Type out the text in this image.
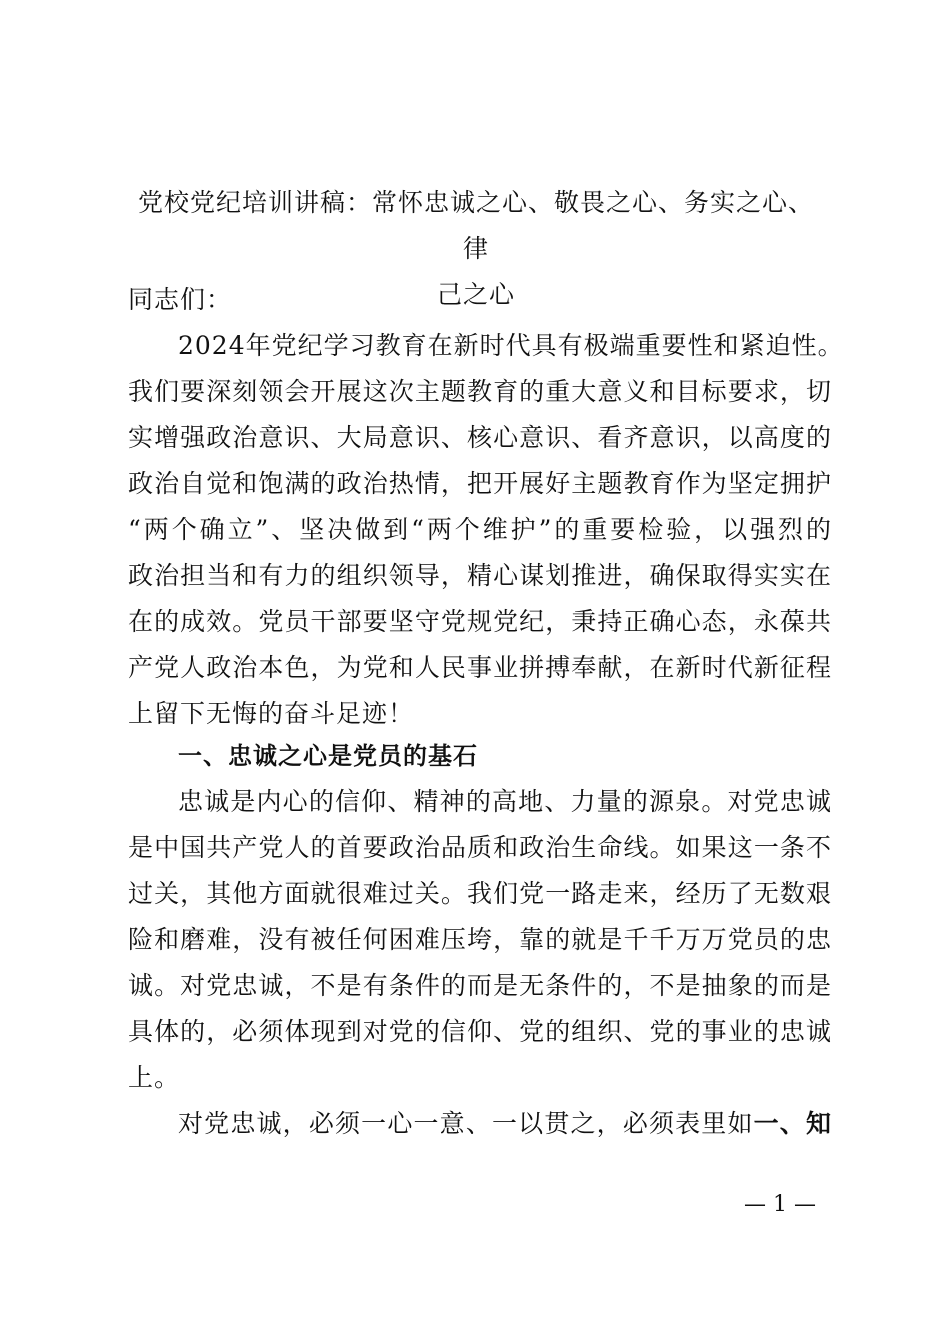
党校党纪培训讲稿：常怀忠诚之心、敬畏之心、务实之心、律
己之心
同志们：
2024年党纪学习教育在新时代具有极端重要性和紧迫性。
我们要深刻领会开展这次主题教育的重大意义和目标要求，切
实增强政治意识、大局意识、核心意识、看齐意识，以高度的
政治自觉和饱满的政治热情，把开展好主题教育作为坚定拥护
“两个确立”、坚决做到“两个维护”的重要检验，以强烈的
政治担当和有力的组织领导，精心谋划推进，确保取得实实在
在的成效。党员干部要坚守党规党纪，秉持正确心态，永葆共
产党人政治本色，为党和人民事业拼搏奉献，在新时代新征程
上留下无悔的奋斗足迹！
一、忠诚之心是党员的基石
忠诚是内心的信仰、精神的高地、力量的源泉。对党忠诚
是中国共产党人的首要政治品质和政治生命线。如果这一条不
过关，其他方面就很难过关。我们党一路走来，经历了无数艰
险和磨难，没有被任何困难压垮，靠的就是千千万万党员的忠
诚。对党忠诚，不是有条件的而是无条件的，不是抽象的而是
具体的，必须体现到对党的信仰、党的组织、党的事业的忠诚
上。
对党忠诚，必须一心一意、一以贯之，必须表里如一、知
— 1 —
